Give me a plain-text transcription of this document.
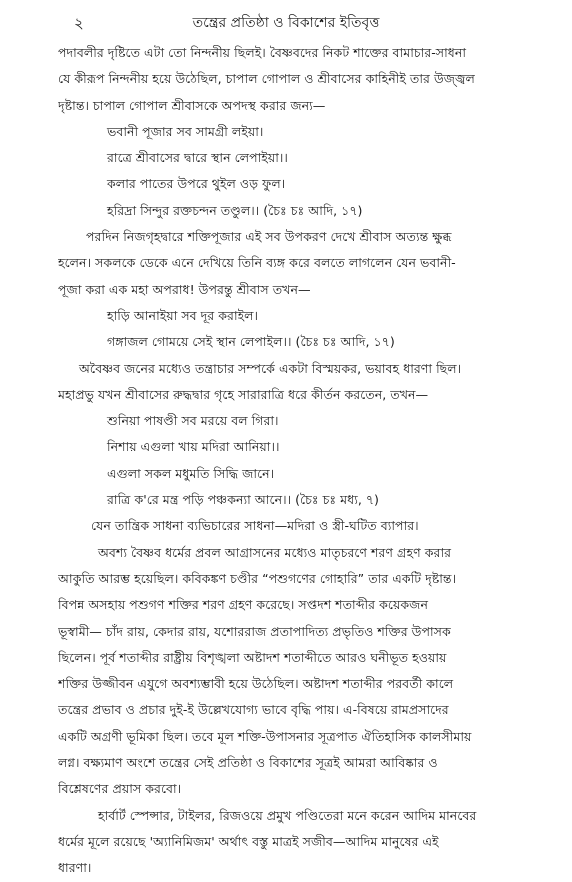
২	তন্ত্রের প্রতিষ্ঠা ও বিকাশের ইতিবৃত্ত
পদাবলীর দৃষ্টিতে এটা তো নিন্দনীয় ছিলই। বৈষ্ণবদের নিকট শাক্তের বামাচার-সাধনা
যে কীরূপ নিন্দনীয় হয়ে উঠেছিল, চাপাল গোপাল ও শ্রীবাসের কাহিনীই তার উজ্জ্বল
দৃষ্টান্ত। চাপাল গোপাল শ্রীবাসকে অপদস্থ করার জন্য—
ভবানী পূজার সব সামগ্রী লইয়া।
রাত্রে শ্রীবাসের দ্বারে স্থান লেপাইয়া।।
কলার পাতের উপরে থুইল ওড় ফুল।
হরিদ্রা সিন্দুর রক্তচন্দন তণ্ডুল।। (চৈঃ চঃ আদি, ১৭)
পরদিন নিজগৃহদ্বারে শক্তিপূজার এই সব উপকরণ দেখে শ্রীবাস অত্যন্ত ক্ষুব্ধ
হলেন। সকলকে ডেকে এনে দেখিয়ে তিনি ব্যঙ্গ করে বলতে লাগলেন যেন ভবানী-
পূজা করা এক মহা অপরাধ! উপরন্তু শ্রীবাস তখন—
হাড়ি আনাইয়া সব দূর করাইল।
গঙ্গাজল গোময়ে সেই স্থান লেপাইল।। (চৈঃ চঃ আদি, ১৭)
অবৈষ্ণব জনের মধ্যেও তন্ত্রাচার সম্পর্কে একটা বিস্ময়কর, ভয়াবহ ধারণা ছিল।
মহাপ্রভু যখন শ্রীবাসের রুদ্ধদ্বার গৃহে সারারাত্রি ধরে কীর্তন করতেন, তখন—
শুনিয়া পাষণ্ডী সব মরয়ে বল গিরা।
নিশায় এগুলা খায় মদিরা আনিয়া।।
এগুলা সকল মধুমতি সিদ্ধি জানে।
রাত্রি ক'রে মন্ত্র পড়ি পঞ্চকন্যা আনে।। (চৈঃ চঃ মধ্য, ৭)
যেন তান্ত্রিক সাধনা ব্যভিচারের সাধনা—মদিরা ও স্ত্রী-ঘটিত ব্যাপার।
অবশ্য বৈষ্ণব ধর্মের প্রবল আগ্রাসনের মধ্যেও মাতৃচরণে শরণ গ্রহণ করার
আকুতি আরম্ভ হয়েছিল। কবিকঙ্কণ চণ্ডীর “পশুগণের গোহারি” তার একটি দৃষ্টান্ত।
বিপন্ন অসহায় পশুগণ শক্তির শরণ গ্রহণ করেছে। সপ্তদশ শতাব্দীর কয়েকজন
ভূস্বামী— চাঁদ রায়, কেদার রায়, যশোররাজ প্রতাপাদিত্য প্রভৃতিও শক্তির উপাসক
ছিলেন। পূর্ব শতাব্দীর রাষ্ট্রীয় বিশৃঙ্খলা অষ্টাদশ শতাব্দীতে আরও ঘনীভূত হওয়ায়
শক্তির উজ্জীবন এযুগে অবশ্যম্ভাবী হয়ে উঠেছিল। অষ্টাদশ শতাব্দীর পরবর্তী কালে
তন্ত্রের প্রভাব ও প্রচার দুই-ই উল্লেখযোগ্য ভাবে বৃদ্ধি পায়। এ-বিষয়ে রামপ্রসাদের
একটি অগ্রণী ভূমিকা ছিল। তবে মূল শক্তি-উপাসনার সূত্রপাত ঐতিহাসিক কালসীমায়
লগ্ন। বক্ষ্যমাণ অংশে তন্ত্রের সেই প্রতিষ্ঠা ও বিকাশের সূত্রই আমরা আবিষ্কার ও
বিশ্লেষণের প্রয়াস করবো।
হার্বার্ট স্পেন্সার, টাইলর, রিজওয়ে প্রমুখ পণ্ডিতেরা মনে করেন আদিম মানবের
ধর্মের মূলে রয়েছে 'অ্যানিমিজম' অর্থাৎ বস্তু মাত্রই সজীব—আদিম মানুষের এই
ধারণা।
